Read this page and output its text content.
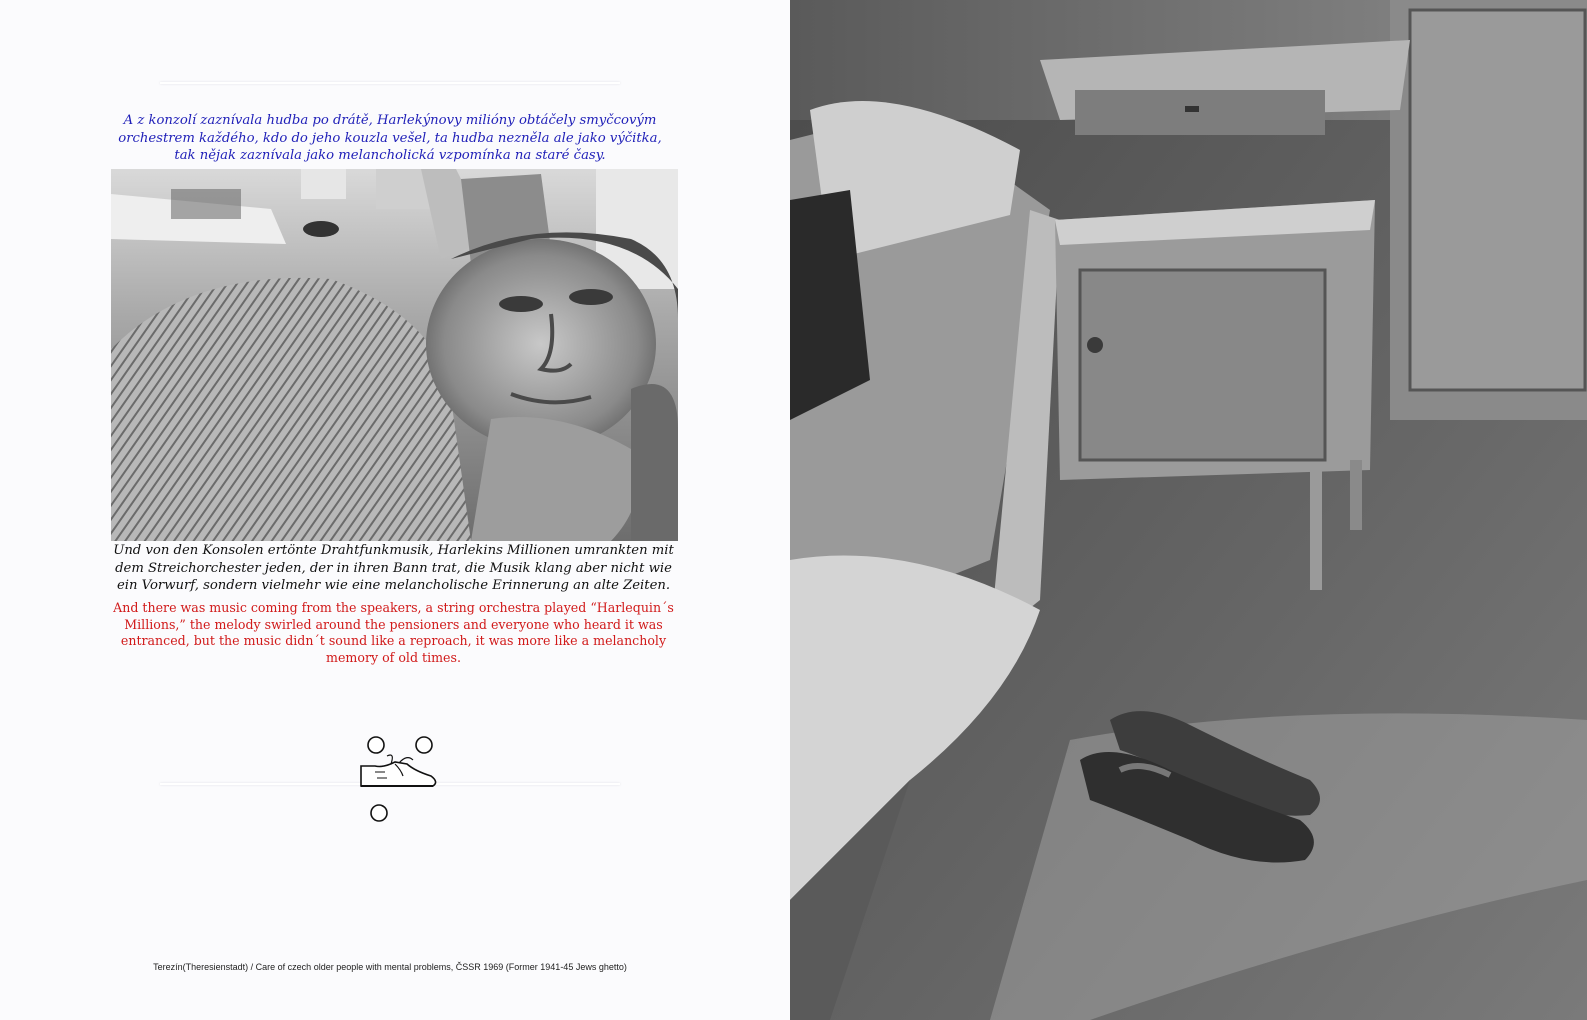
A z konzolí zaznívala hudba po drátě, Harlekýnovy milióny obtáčely smyčcovým orchestrem každého, kdo do jeho kouzla vešel, ta hudba nezněla ale jako výčitka, tak nějak zaznívala jako melancholická vzpomínka na staré časy.
Und von den Konsolen ertönte Drahtfunkmusik, Harlekins Millionen umrankten mit dem Streichorchester jeden, der in ihren Bann trat, die Musik klang aber nicht wie ein Vorwurf, sondern vielmehr wie eine melancholische Erinnerung an alte Zeiten.
And there was music coming from the speakers, a string orchestra played “Harlequin´s Millions,” the melody swirled around the pensioners and everyone who heard it was entranced, but the music didn´t sound like a reproach, it was more like a melancholy memory of old times.
Terezín(Theresienstadt) / Care of czech older people with mental problems, ČSSR 1969 (Former 1941-45 Jews ghetto)
